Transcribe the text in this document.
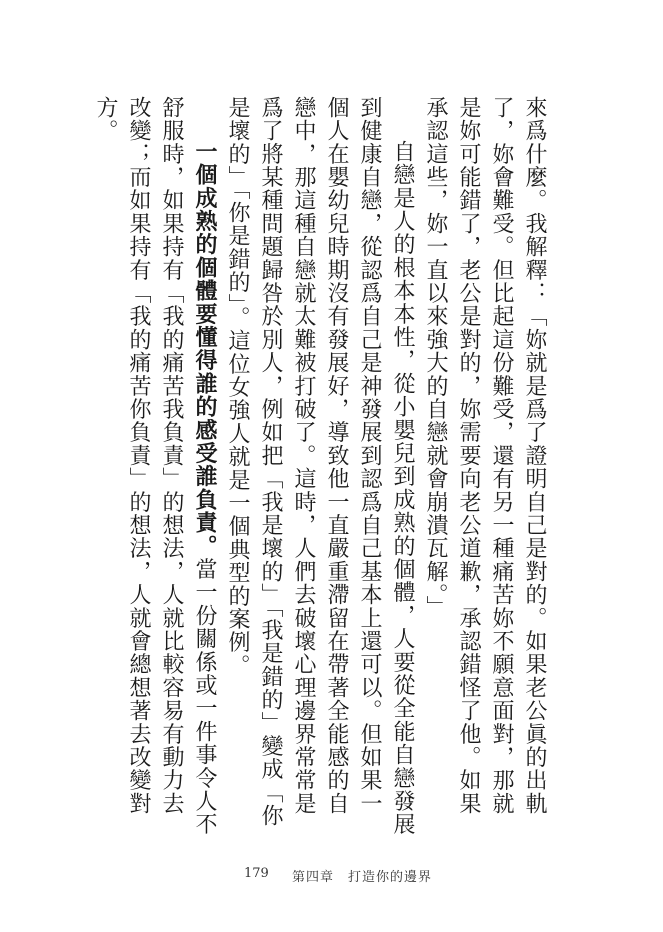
來爲什麼。我解釋：「妳就是爲了證明自己是對的。如果老公眞的出軌了，妳會難受。但比起這份難受，還有另一種痛苦妳不願意面對，那就是妳可能錯了，老公是對的，妳需要向老公道歉，承認錯怪了他。如果承認這些，妳一直以來強大的自戀就會崩潰瓦解。」

自戀是人的根本本性，從小嬰兒到成熟的個體，人要從全能自戀發展到健康自戀，從認爲自己是神發展到認爲自己基本上還可以。但如果一個人在嬰幼兒時期沒有發展好，導致他一直嚴重滯留在帶著全能感的自戀中，那這種自戀就太難被打破了。這時，人們去破壞心理邊界常常是爲了將某種問題歸咎於別人，例如把「我是壞的」「我是錯的」變成「你是壞的」「你是錯的」。這位女強人就是一個典型的案例。

一個成熟的個體要懂得誰的感受誰負責。當一份關係或一件事令人不舒服時，如果持有「我的痛苦我負責」的想法，人就比較容易有動力去改變；而如果持有「我的痛苦你負責」的想法，人就會總想著去改變對方。

179 第四章　打造你的邊界
